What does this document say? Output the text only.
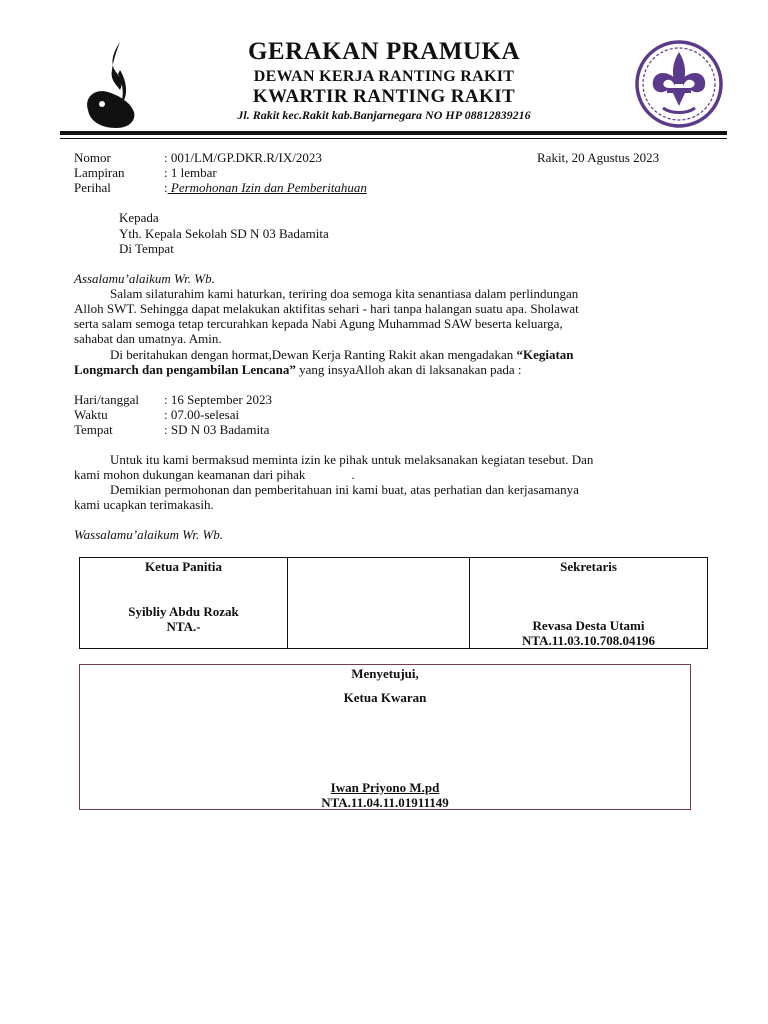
GERAKAN PRAMUKA
DEWAN KERJA RANTING RAKIT
KWARTIR RANTING RAKIT
Jl. Rakit kec.Rakit kab.Banjarnegara NO HP 08812839216
Nomor	: 001/LM/GP.DKR.R/IX/2023	Rakit, 20 Agustus 2023
Lampiran	: 1 lembar
Perihal	: Permohonan Izin dan Pemberitahuan
Kepada
Yth. Kepala Sekolah SD N 03 Badamita
Di Tempat
Assalamu’alaikum Wr. Wb.
Salam silaturahim kami haturkan, teriring doa semoga kita senantiasa dalam perlindungan
Alloh SWT. Sehingga dapat melakukan aktifitas sehari - hari tanpa halangan suatu apa. Sholawat
serta salam semoga tetap tercurahkan kepada Nabi Agung Muhammad SAW beserta keluarga,
sahabat dan umatnya. Amin.
Di beritahukan dengan hormat,Dewan Kerja Ranting Rakit akan mengadakan “Kegiatan
Longmarch dan pengambilan Lencana” yang insyaAlloh akan di laksanakan pada :
Hari/tanggal : 16 September 2023
Waktu	: 07.00-selesai
Tempat	: SD N 03 Badamita
Untuk itu kami bermaksud meminta izin ke pihak untuk melaksanakan kegiatan tesebut. Dan
kami mohon dukungan keamanan dari pihak	.
Demikian permohonan dan pemberitahuan ini kami buat, atas perhatian dan kerjasamanya
kami ucapkan terimakasih.
Wassalamu’alaikum Wr. Wb.
Ketua Panitia
Syibliy Abdu Rozak
NTA.-
Sekretaris
Revasa Desta Utami
NTA.11.03.10.708.04196
Menyetujui,
Ketua Kwaran
Iwan Priyono M.pd
NTA.11.04.11.01911149
